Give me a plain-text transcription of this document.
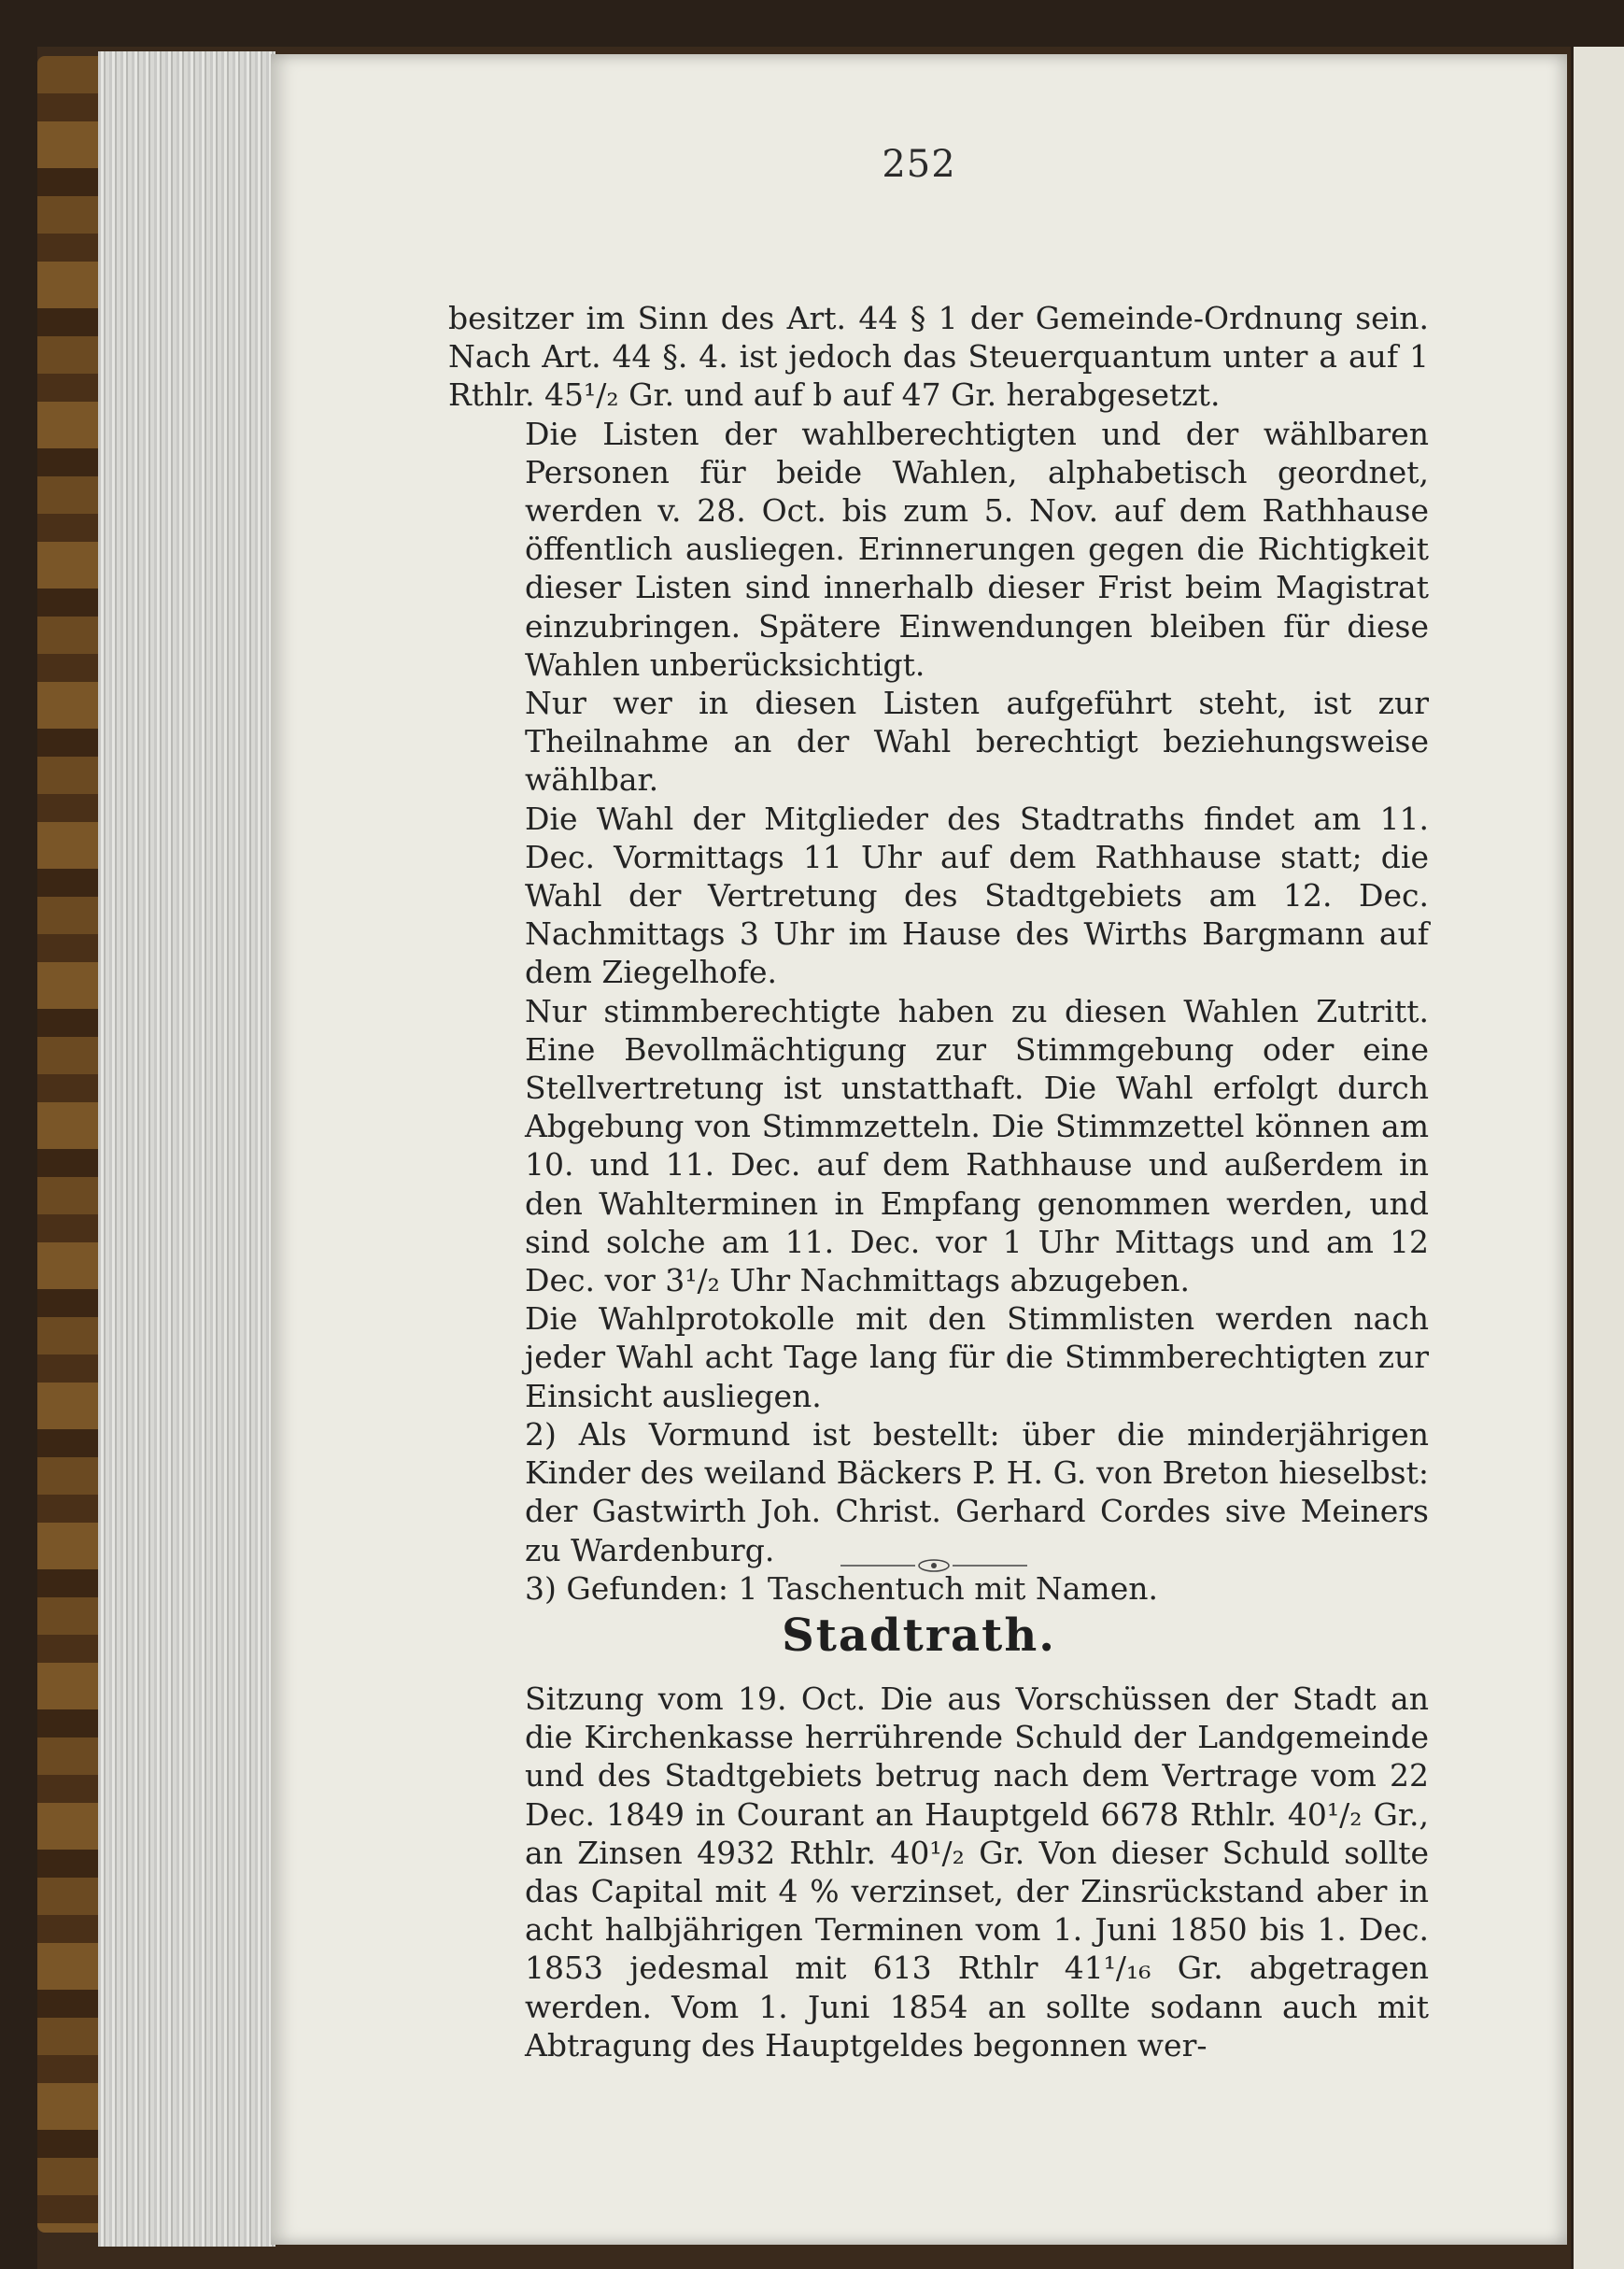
252

besitzer im Sinn des Art. 44 § 1 der Gemeinde-Ordnung sein. Nach Art. 44 §. 4. ist jedoch das Steuerquantum unter a auf 1 Rthlr. 45¹/₂ Gr. und auf b auf 47 Gr. herabgesetzt.

Die Listen der wahlberechtigten und der wählbaren Personen für beide Wahlen, alphabetisch geordnet, werden v. 28. Oct. bis zum 5. Nov. auf dem Rathhause öffentlich ausliegen. Erinnerungen gegen die Richtigkeit dieser Listen sind innerhalb dieser Frist beim Magistrat einzubringen. Spätere Einwendungen bleiben für diese Wahlen unberücksichtigt.

Nur wer in diesen Listen aufgeführt steht, ist zur Theilnahme an der Wahl berechtigt beziehungsweise wählbar.

Die Wahl der Mitglieder des Stadtraths findet am 11. Dec. Vormittags 11 Uhr auf dem Rathhause statt; die Wahl der Vertretung des Stadtgebiets am 12. Dec. Nachmittags 3 Uhr im Hause des Wirths Bargmann auf dem Ziegelhofe.

Nur stimmberechtigte haben zu diesen Wahlen Zutritt. Eine Bevollmächtigung zur Stimmgebung oder eine Stellvertretung ist unstatthaft. Die Wahl erfolgt durch Abgebung von Stimmzetteln. Die Stimmzettel können am 10. und 11. Dec. auf dem Rathhause und außerdem in den Wahlterminen in Empfang genommen werden, und sind solche am 11. Dec. vor 1 Uhr Mittags und am 12 Dec. vor 3¹/₂ Uhr Nachmittags abzugeben.

Die Wahlprotokolle mit den Stimmlisten werden nach jeder Wahl acht Tage lang für die Stimmberechtigten zur Einsicht ausliegen.

2) Als Vormund ist bestellt: über die minderjährigen Kinder des weiland Bäckers P. H. G. von Breton hieselbst: der Gastwirth Joh. Christ. Gerhard Cordes sive Meiners zu Wardenburg.

3) Gefunden: 1 Taschentuch mit Namen.

Stadtrath.

Sitzung vom 19. Oct. Die aus Vorschüssen der Stadt an die Kirchenkasse herrührende Schuld der Landgemeinde und des Stadtgebiets betrug nach dem Vertrage vom 22 Dec. 1849 in Courant an Hauptgeld 6678 Rthlr. 40¹/₂ Gr., an Zinsen 4932 Rthlr. 40¹/₂ Gr. Von dieser Schuld sollte das Capital mit 4 % verzinset, der Zinsrückstand aber in acht halbjährigen Terminen vom 1. Juni 1850 bis 1. Dec. 1853 jedesmal mit 613 Rthlr 41¹/₁₆ Gr. abgetragen werden. Vom 1. Juni 1854 an sollte sodann auch mit Abtragung des Hauptgeldes begonnen wer-
